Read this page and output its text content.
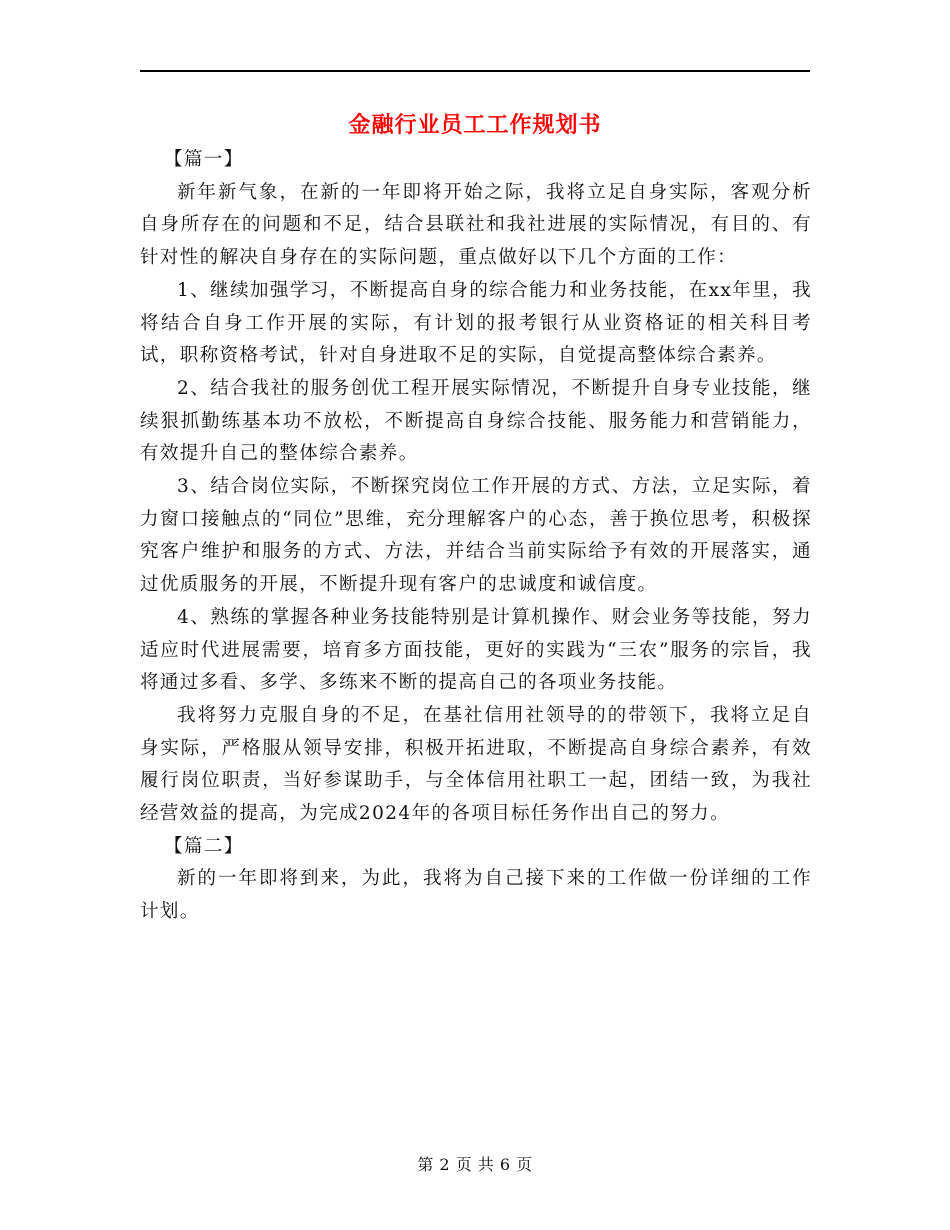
金融行业员工工作规划书

【篇一】

新年新气象，在新的一年即将开始之际，我将立足自身实际，客观分析自身所存在的问题和不足，结合县联社和我社进展的实际情况，有目的、有针对性的解决自身存在的实际问题，重点做好以下几个方面的工作：

1、继续加强学习，不断提高自身的综合能力和业务技能，在xx年里，我将结合自身工作开展的实际，有计划的报考银行从业资格证的相关科目考试，职称资格考试，针对自身进取不足的实际，自觉提高整体综合素养。

2、结合我社的服务创优工程开展实际情况，不断提升自身专业技能，继续狠抓勤练基本功不放松，不断提高自身综合技能、服务能力和营销能力，有效提升自己的整体综合素养。

3、结合岗位实际，不断探究岗位工作开展的方式、方法，立足实际，着力窗口接触点的“同位”思维，充分理解客户的心态，善于换位思考，积极探究客户维护和服务的方式、方法，并结合当前实际给予有效的开展落实，通过优质服务的开展，不断提升现有客户的忠诚度和诚信度。

4、熟练的掌握各种业务技能特别是计算机操作、财会业务等技能，努力适应时代进展需要，培育多方面技能，更好的实践为“三农”服务的宗旨，我将通过多看、多学、多练来不断的提高自己的各项业务技能。

我将努力克服自身的不足，在基社信用社领导的的带领下，我将立足自身实际，严格服从领导安排，积极开拓进取，不断提高自身综合素养，有效履行岗位职责，当好参谋助手，与全体信用社职工一起，团结一致，为我社经营效益的提高，为完成2024年的各项目标任务作出自己的努力。

【篇二】

新的一年即将到来，为此，我将为自己接下来的工作做一份详细的工作计划。

第 2 页 共 6 页
